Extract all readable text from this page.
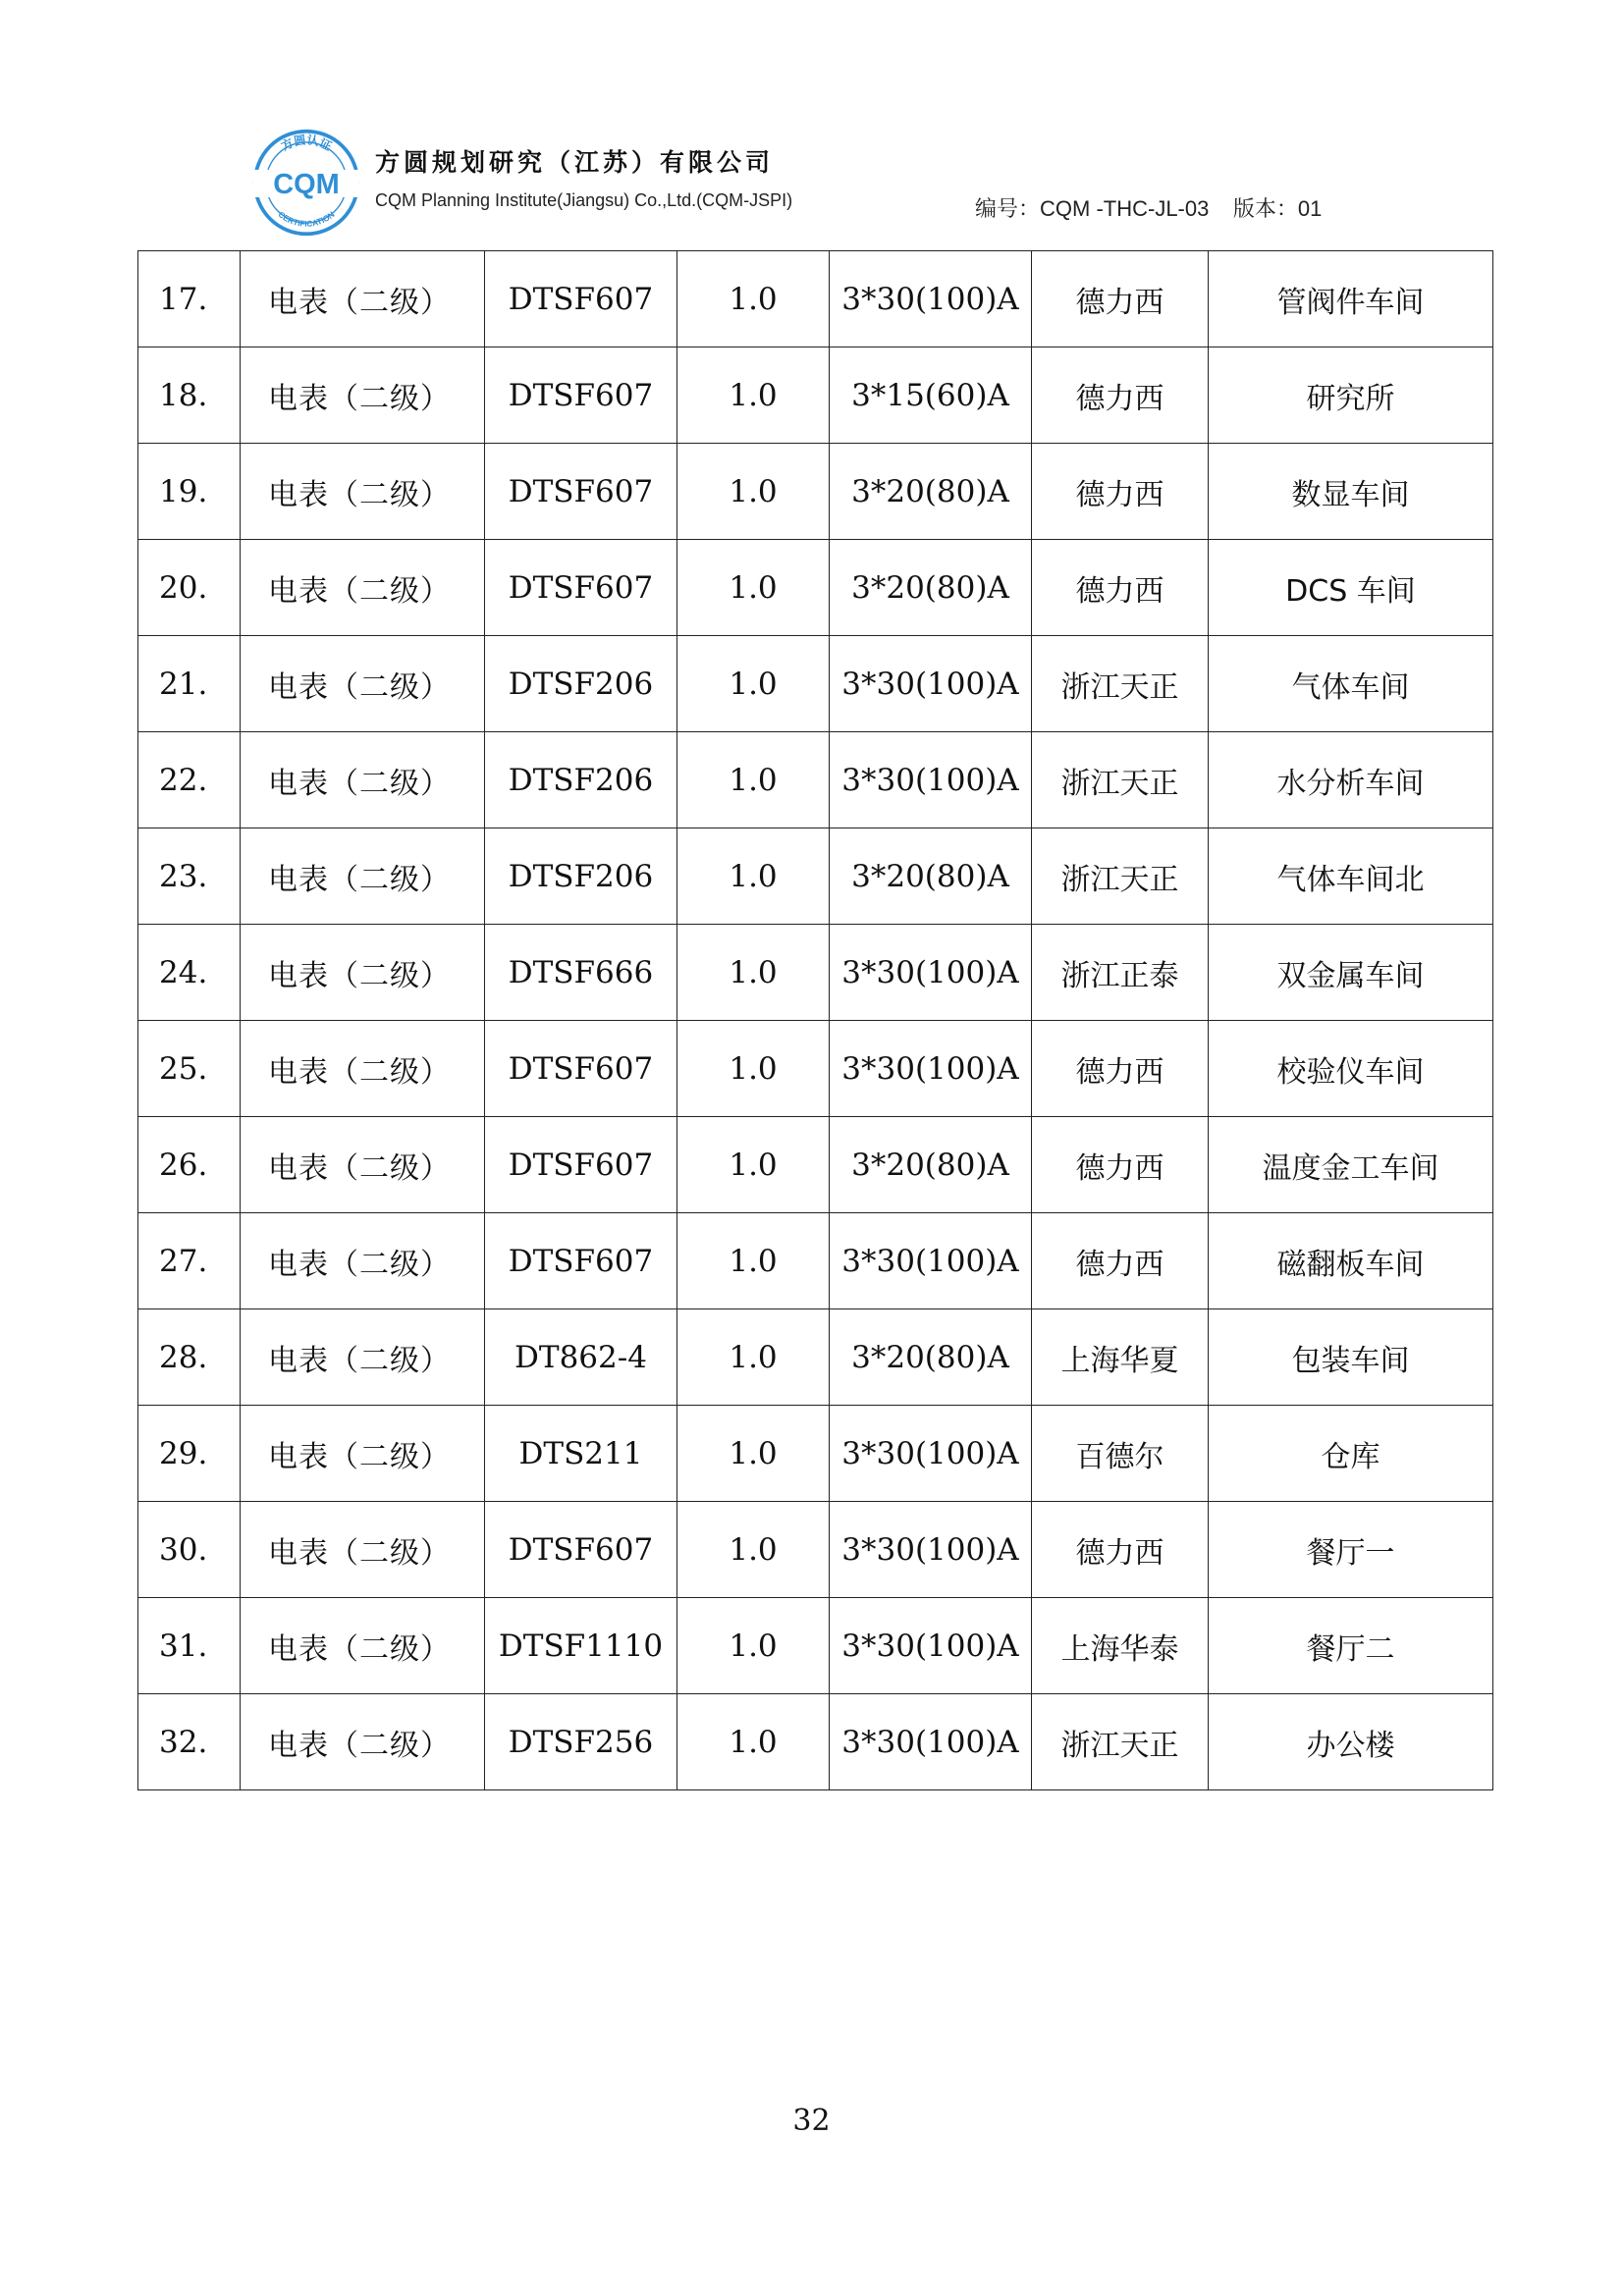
方圆认证
CERTIFICATION
CQM
方圆规划研究（江苏）有限公司
CQM Planning Institute(Jiangsu) Co.,Ltd.(CQM-JSPI)	编号：CQM -THC-JL-03 版本：01
17.	电表（二级）	DTSF607	1.0	3*30(100)A	德力西	管阀件车间
18.	电表（二级）	DTSF607	1.0	3*15(60)A	德力西	研究所
19.	电表（二级）	DTSF607	1.0	3*20(80)A	德力西	数显车间
20.	电表（二级）	DTSF607	1.0	3*20(80)A	德力西	DCS 车间
21.	电表（二级）	DTSF206	1.0	3*30(100)A	浙江天正	气体车间
22.	电表（二级）	DTSF206	1.0	3*30(100)A	浙江天正	水分析车间
23.	电表（二级）	DTSF206	1.0	3*20(80)A	浙江天正	气体车间北
24.	电表（二级）	DTSF666	1.0	3*30(100)A	浙江正泰	双金属车间
25.	电表（二级）	DTSF607	1.0	3*30(100)A	德力西	校验仪车间
26.	电表（二级）	DTSF607	1.0	3*20(80)A	德力西	温度金工车间
27.	电表（二级）	DTSF607	1.0	3*30(100)A	德力西	磁翻板车间
28.	电表（二级）	DT862-4	1.0	3*20(80)A	上海华夏	包装车间
29.	电表（二级）	DTS211	1.0	3*30(100)A	百德尔	仓库
30.	电表（二级）	DTSF607	1.0	3*30(100)A	德力西	餐厅一
31.	电表（二级）	DTSF1110	1.0	3*30(100)A	上海华泰	餐厅二
32.	电表（二级）	DTSF256	1.0	3*30(100)A	浙江天正	办公楼
32
